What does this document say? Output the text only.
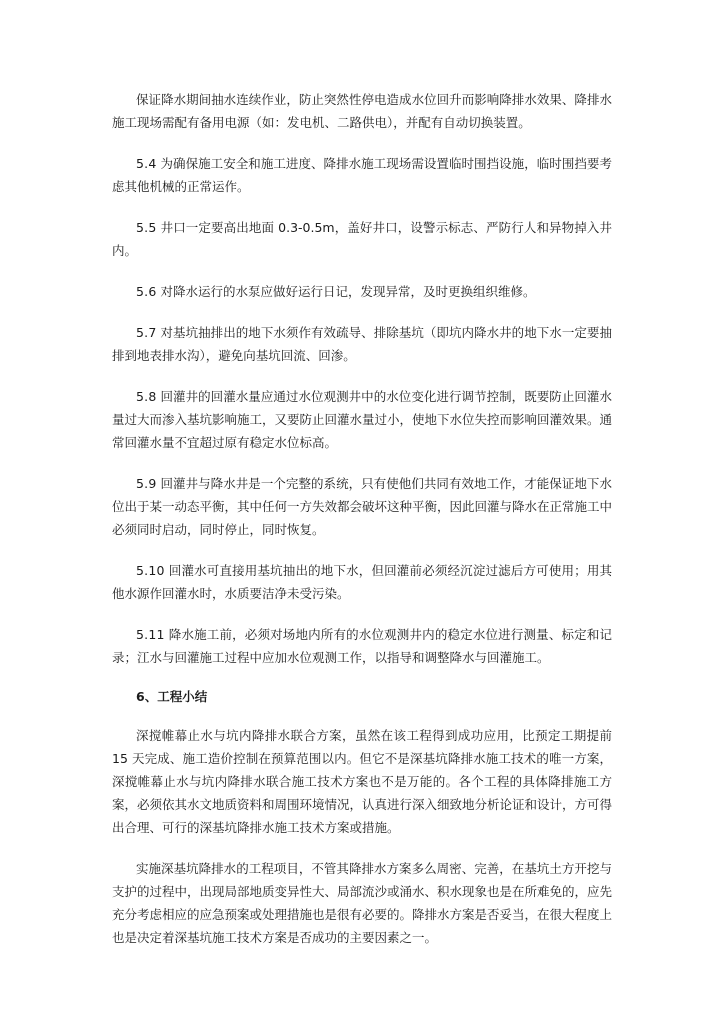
保证降水期间抽水连续作业，防止突然性停电造成水位回升而影响降排水效果、降排水施工现场需配有备用电源（如：发电机、二路供电），并配有自动切换装置。

5.4 为确保施工安全和施工进度、降排水施工现场需设置临时围挡设施，临时围挡要考虑其他机械的正常运作。

5.5 井口一定要高出地面 0.3-0.5m，盖好井口，设警示标志、严防行人和异物掉入井内。

5.6 对降水运行的水泵应做好运行日记，发现异常，及时更换组织维修。

5.7 对基坑抽排出的地下水须作有效疏导、排除基坑（即坑内降水井的地下水一定要抽排到地表排水沟），避免向基坑回流、回渗。

5.8 回灌井的回灌水量应通过水位观测井中的水位变化进行调节控制，既要防止回灌水量过大而渗入基坑影响施工，又要防止回灌水量过小，使地下水位失控而影响回灌效果。通常回灌水量不宜超过原有稳定水位标高。

5.9 回灌井与降水井是一个完整的系统，只有使他们共同有效地工作，才能保证地下水位出于某一动态平衡，其中任何一方失效都会破坏这种平衡，因此回灌与降水在正常施工中必须同时启动，同时停止，同时恢复。

5.10 回灌水可直接用基坑抽出的地下水，但回灌前必须经沉淀过滤后方可使用；用其他水源作回灌水时，水质要洁净未受污染。

5.11 降水施工前，必须对场地内所有的水位观测井内的稳定水位进行测量、标定和记录；江水与回灌施工过程中应加水位观测工作，以指导和调整降水与回灌施工。

6、工程小结

深搅帷幕止水与坑内降排水联合方案，虽然在该工程得到成功应用，比预定工期提前 15 天完成、施工造价控制在预算范围以内。但它不是深基坑降排水施工技术的唯一方案，深搅帷幕止水与坑内降排水联合施工技术方案也不是万能的。各个工程的具体降排施工方案，必须依其水文地质资料和周围环境情况，认真进行深入细致地分析论证和设计，方可得出合理、可行的深基坑降排水施工技术方案或措施。

实施深基坑降排水的工程项目，不管其降排水方案多么周密、完善，在基坑土方开挖与支护的过程中，出现局部地质变异性大、局部流沙或涌水、积水现象也是在所难免的，应先充分考虑相应的应急预案或处理措施也是很有必要的。降排水方案是否妥当，在很大程度上也是决定着深基坑施工技术方案是否成功的主要因素之一。
